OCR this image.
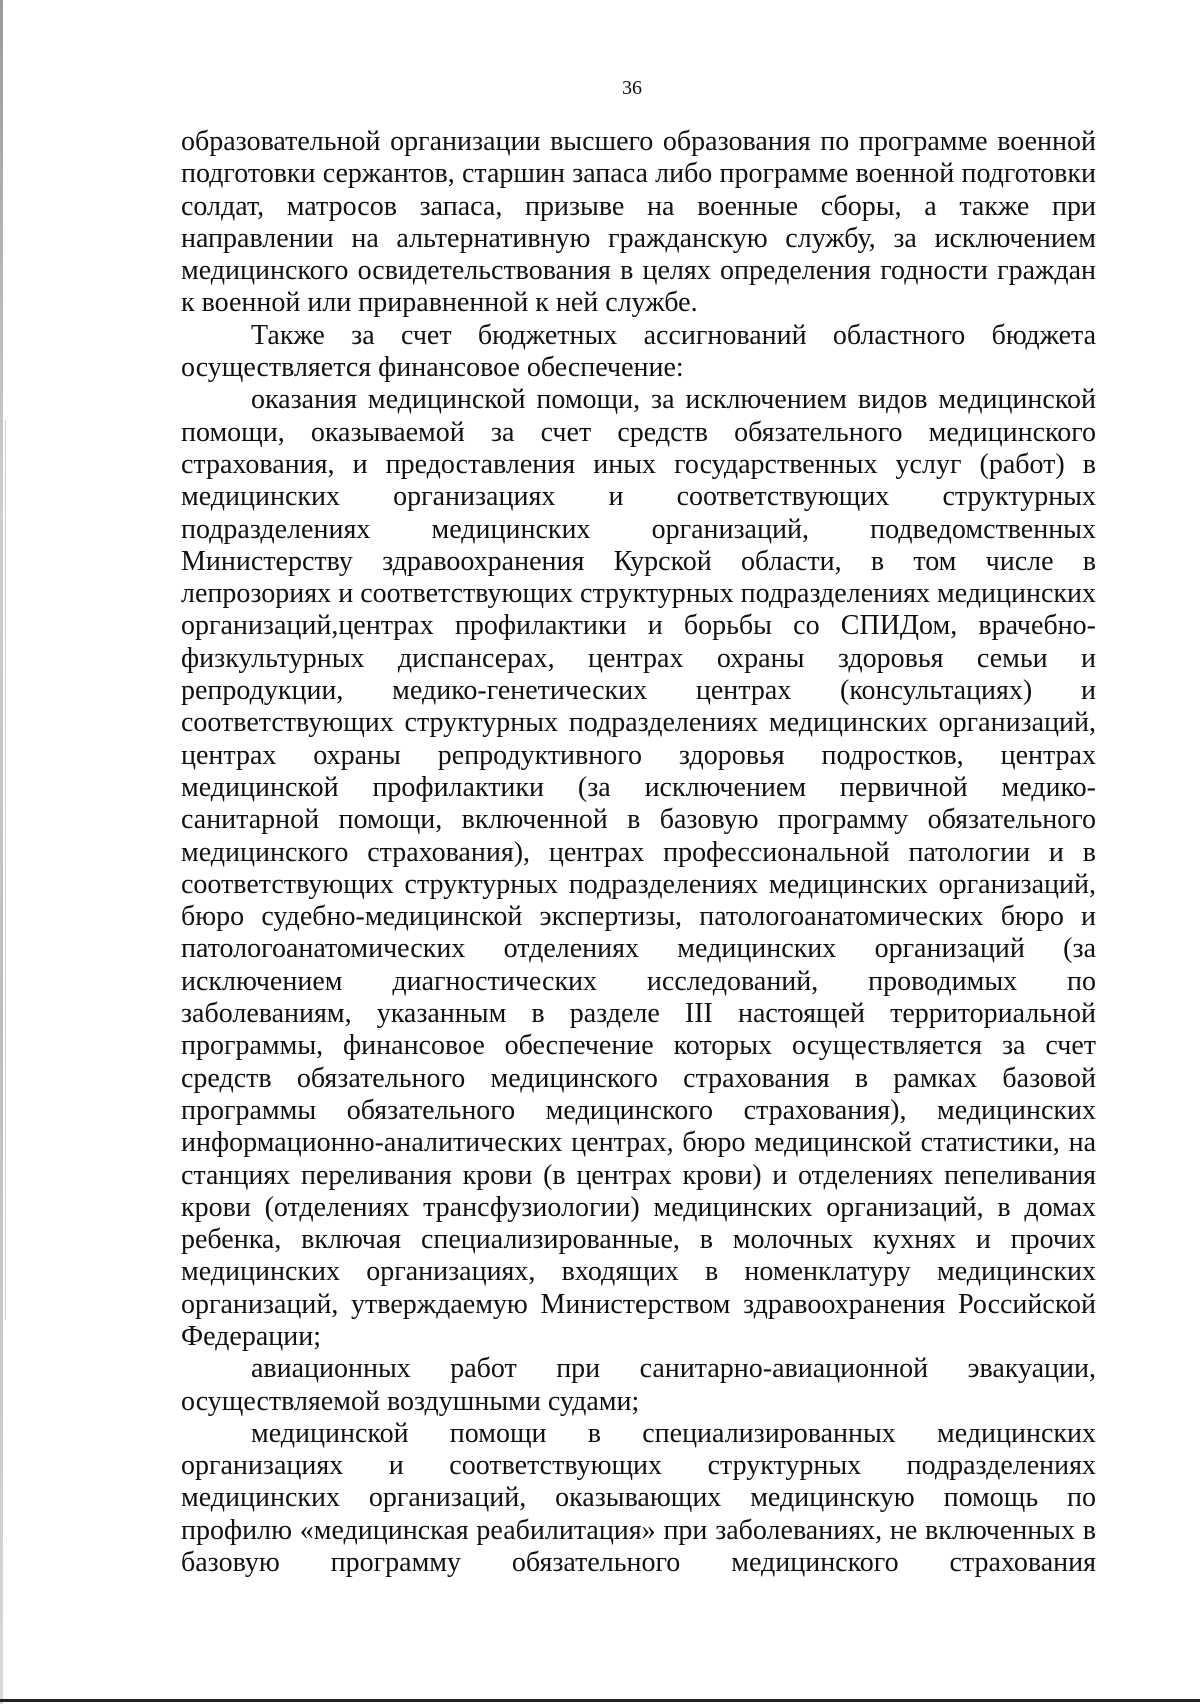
36

образовательной организации высшего образования по программе военной подготовки сержантов, старшин запаса либо программе военной подготовки солдат, матросов запаса, призыве на военные сборы, а также при направлении на альтернативную гражданскую службу, за исключением медицинского освидетельствования в целях определения годности граждан к военной или приравненной к ней службе.

Также за счет бюджетных ассигнований областного бюджета осуществляется финансовое обеспечение:

оказания медицинской помощи, за исключением видов медицинской помощи, оказываемой за счет средств обязательного медицинского страхования, и предоставления иных государственных услуг (работ) в медицинских организациях и соответствующих структурных подразделениях медицинских организаций, подведомственных Министерству здравоохранения Курской области, в том числе в лепрозориях и соответствующих структурных подразделениях медицинских организаций,центрах профилактики и борьбы со СПИДом, врачебно-физкультурных диспансерах, центрах охраны здоровья семьи и репродукции, медико-генетических центрах (консультациях) и соответствующих структурных подразделениях медицинских организаций, центрах охраны репродуктивного здоровья подростков, центрах медицинской профилактики (за исключением первичной медико-санитарной помощи, включенной в базовую программу обязательного медицинского страхования), центрах профессиональной патологии и в соответствующих структурных подразделениях медицинских организаций, бюро судебно-медицинской экспертизы, патологоанатомических бюро и патологоанатомических отделениях медицинских организаций (за исключением диагностических исследований, проводимых по заболеваниям, указанным в разделе III настоящей территориальной программы, финансовое обеспечение которых осуществляется за счет средств обязательного медицинского страхования в рамках базовой программы обязательного медицинского страхования), медицинских информационно-аналитических центрах, бюро медицинской статистики, на станциях переливания крови (в центрах крови) и отделениях пепеливания крови (отделениях трансфузиологии) медицинских организаций, в домах ребенка, включая специализированные, в молочных кухнях и прочих медицинских организациях, входящих в номенклатуру медицинских организаций, утверждаемую Министерством здравоохранения Российской Федерации;

авиационных работ при санитарно-авиационной эвакуации, осуществляемой воздушными судами;

медицинской помощи в специализированных медицинских организациях и соответствующих структурных подразделениях медицинских организаций, оказывающих медицинскую помощь по профилю «медицинская реабилитация» при заболеваниях, не включенных в базовую программу обязательного медицинского страхования
